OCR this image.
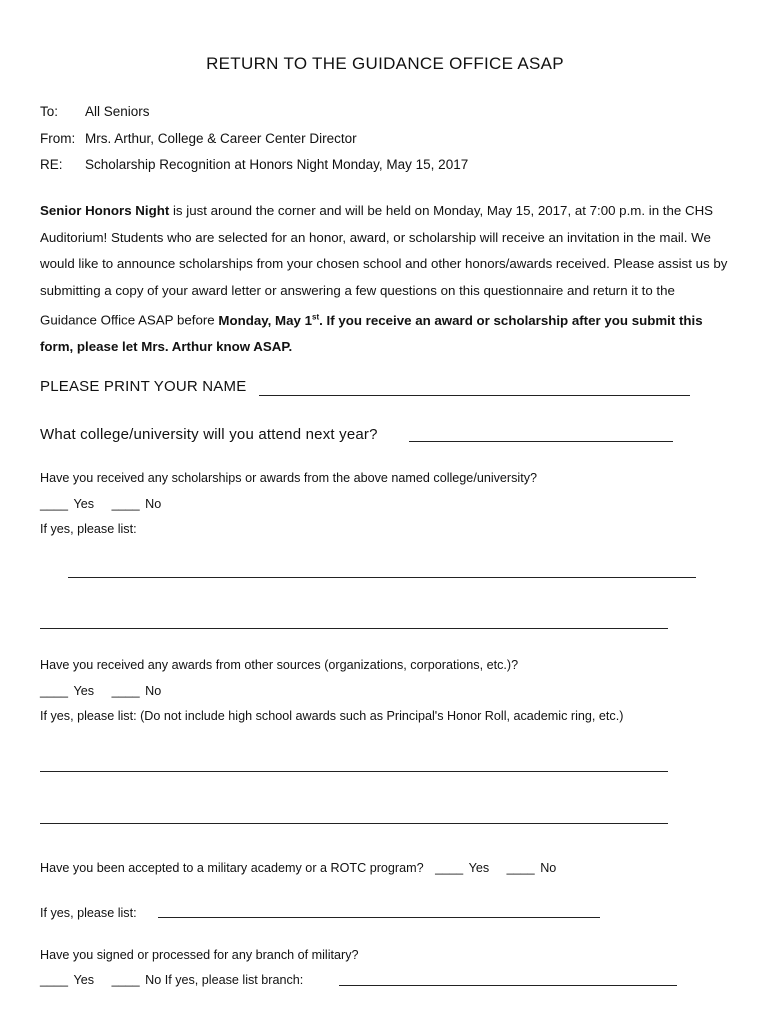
RETURN TO THE GUIDANCE OFFICE ASAP
To: All Seniors
From: Mrs. Arthur, College & Career Center Director
RE: Scholarship Recognition at Honors Night Monday, May 15, 2017
Senior Honors Night is just around the corner and will be held on Monday, May 15, 2017, at 7:00 p.m. in the CHS Auditorium! Students who are selected for an honor, award, or scholarship will receive an invitation in the mail. We would like to announce scholarships from your chosen school and other honors/awards received. Please assist us by submitting a copy of your award letter or answering a few questions on this questionnaire and return it to the Guidance Office ASAP before Monday, May 1st. If you receive an award or scholarship after you submit this form, please let Mrs. Arthur know ASAP.
PLEASE PRINT YOUR NAME
What college/university will you attend next year?
Have you received any scholarships or awards from the above named college/university?
____ Yes ____ No
If yes, please list:
Have you received any awards from other sources (organizations, corporations, etc.)?
____ Yes ____ No
If yes, please list: (Do not include high school awards such as Principal's Honor Roll, academic ring, etc.)
Have you been accepted to a military academy or a ROTC program? ____ Yes ____ No
If yes, please list:
Have you signed or processed for any branch of military?
____ Yes ____ No If yes, please list branch:
